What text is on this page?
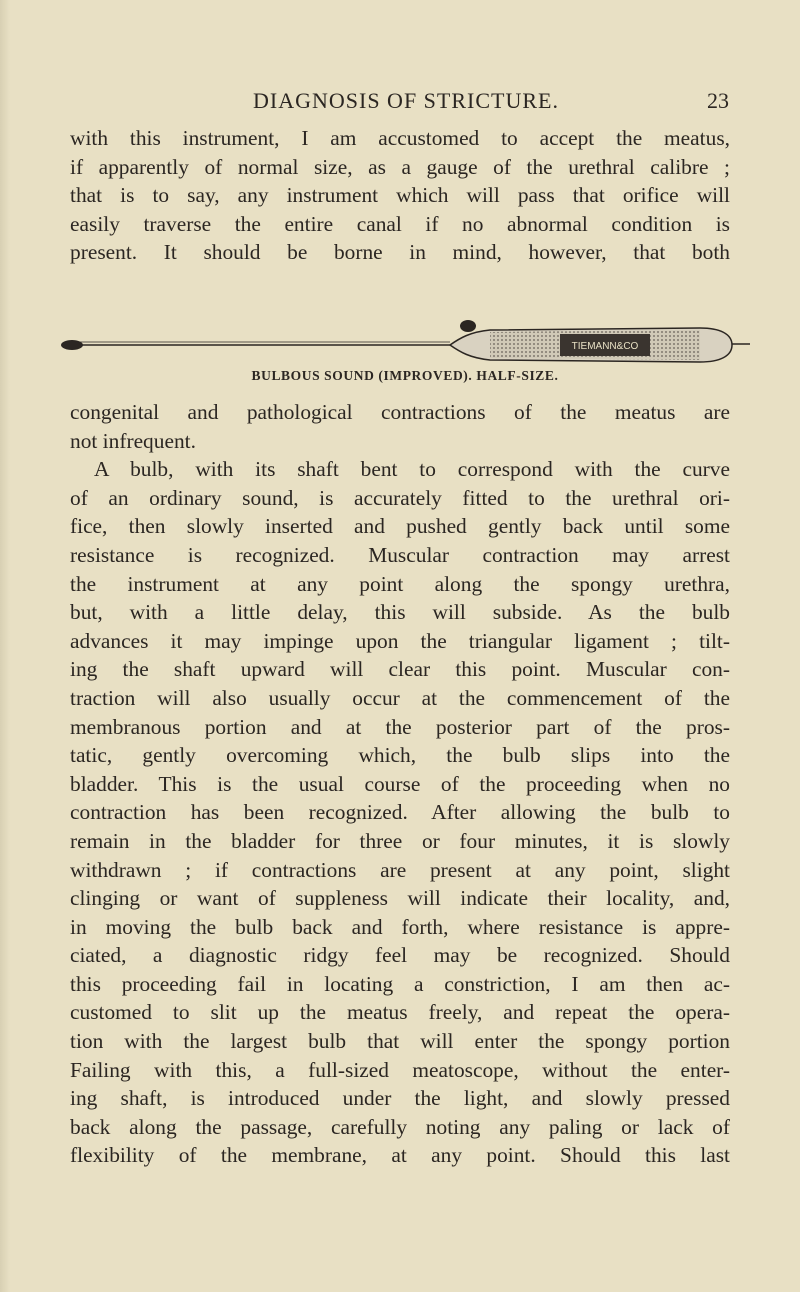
DIAGNOSIS OF STRICTURE.	23
with this instrument, I am accustomed to accept the meatus,
if apparently of normal size, as a gauge of the urethral calibre ;
that is to say, any instrument which will pass that orifice will
easily traverse the entire canal if no abnormal condition is
present. It should be borne in mind, however, that both
TIEMANN&CO
BULBOUS SOUND (IMPROVED). HALF-SIZE.
congenital and pathological contractions of the meatus are
not infrequent.
A bulb, with its shaft bent to correspond with the curve
of an ordinary sound, is accurately fitted to the urethral ori-
fice, then slowly inserted and pushed gently back until some
resistance is recognized. Muscular contraction may arrest
the instrument at any point along the spongy urethra,
but, with a little delay, this will subside. As the bulb
advances it may impinge upon the triangular ligament ; tilt-
ing the shaft upward will clear this point. Muscular con-
traction will also usually occur at the commencement of the
membranous portion and at the posterior part of the pros-
tatic, gently overcoming which, the bulb slips into the
bladder. This is the usual course of the proceeding when no
contraction has been recognized. After allowing the bulb to
remain in the bladder for three or four minutes, it is slowly
withdrawn ; if contractions are present at any point, slight
clinging or want of suppleness will indicate their locality, and,
in moving the bulb back and forth, where resistance is appre-
ciated, a diagnostic ridgy feel may be recognized. Should
this proceeding fail in locating a constriction, I am then ac-
customed to slit up the meatus freely, and repeat the opera-
tion with the largest bulb that will enter the spongy portion
Failing with this, a full-sized meatoscope, without the enter-
ing shaft, is introduced under the light, and slowly pressed
back along the passage, carefully noting any paling or lack of
flexibility of the membrane, at any point. Should this last
